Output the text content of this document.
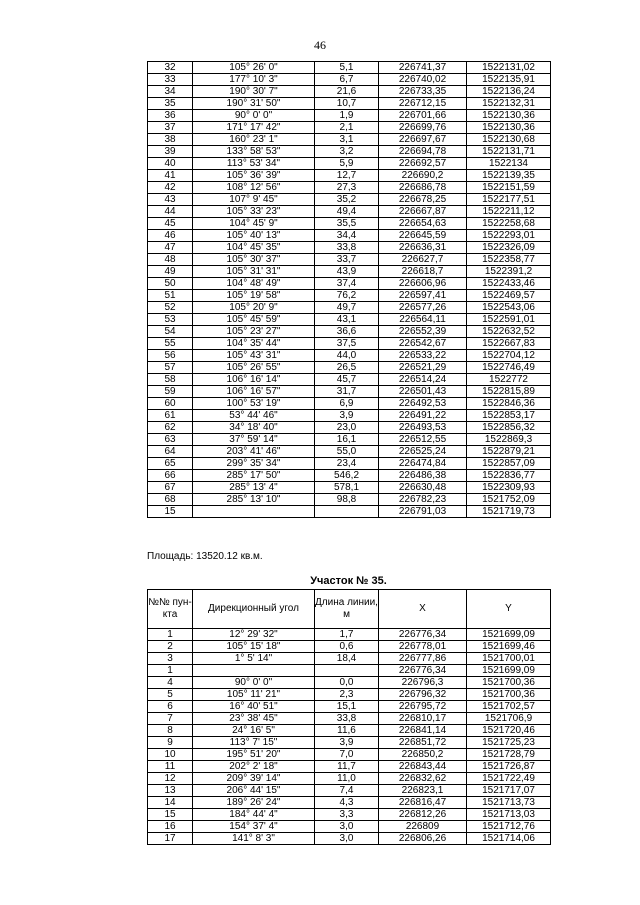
46
32	105° 26' 0"	5,1	226741,37	1522131,02
33	177° 10' 3"	6,7	226740,02	1522135,91
34	190° 30' 7"	21,6	226733,35	1522136,24
35	190° 31' 50"	10,7	226712,15	1522132,31
36	90° 0' 0"	1,9	226701,66	1522130,36
37	171° 17' 42"	2,1	226699,76	1522130,36
38	160° 23' 1"	3,1	226697,67	1522130,68
39	133° 58' 53"	3,2	226694,78	1522131,71
40	113° 53' 34"	5,9	226692,57	1522134
41	105° 36' 39"	12,7	226690,2	1522139,35
42	108° 12' 56"	27,3	226686,78	1522151,59
43	107° 9' 45"	35,2	226678,25	1522177,51
44	105° 33' 23"	49,4	226667,87	1522211,12
45	104° 45' 9"	35,5	226654,63	1522258,68
46	105° 40' 13"	34,4	226645,59	1522293,01
47	104° 45' 35"	33,8	226636,31	1522326,09
48	105° 30' 37"	33,7	226627,7	1522358,77
49	105° 31' 31"	43,9	226618,7	1522391,2
50	104° 48' 49"	37,4	226606,96	1522433,46
51	105° 19' 58"	76,2	226597,41	1522469,57
52	105° 20' 9"	49,7	226577,26	1522543,06
53	105° 45' 59"	43,1	226564,11	1522591,01
54	105° 23' 27"	36,6	226552,39	1522632,52
55	104° 35' 44"	37,5	226542,67	1522667,83
56	105° 43' 31"	44,0	226533,22	1522704,12
57	105° 26' 55"	26,5	226521,29	1522746,49
58	106° 16' 14"	45,7	226514,24	1522772
59	106° 16' 57"	31,7	226501,43	1522815,89
60	100° 53' 19"	6,9	226492,53	1522846,36
61	53° 44' 46"	3,9	226491,22	1522853,17
62	34° 18' 40"	23,0	226493,53	1522856,32
63	37° 59' 14"	16,1	226512,55	1522869,3
64	203° 41' 46"	55,0	226525,24	1522879,21
65	299° 35' 34"	23,4	226474,84	1522857,09
66	285° 17' 50"	546,2	226486,38	1522836,77
67	285° 13' 4"	578,1	226630,48	1522309,93
68	285° 13' 10"	98,8	226782,23	1521752,09
15			226791,03	1521719,73
Площадь: 13520.12 кв.м.
Участок № 35.
№№ пун-кта	Дирекционный угол	Длина линии, м	X	Y
1	12° 29' 32"	1,7	226776,34	1521699,09
2	105° 15' 18"	0,6	226778,01	1521699,46
3	1° 5' 14"	18,4	226777,86	1521700,01
1			226776,34	1521699,09
4	90° 0' 0"	0,0	226796,3	1521700,36
5	105° 11' 21"	2,3	226796,32	1521700,36
6	16° 40' 51"	15,1	226795,72	1521702,57
7	23° 38' 45"	33,8	226810,17	1521706,9
8	24° 16' 5"	11,6	226841,14	1521720,46
9	113° 7' 15"	3,9	226851,72	1521725,23
10	195° 51' 20"	7,0	226850,2	1521728,79
11	202° 2' 18"	11,7	226843,44	1521726,87
12	209° 39' 14"	11,0	226832,62	1521722,49
13	206° 44' 15"	7,4	226823,1	1521717,07
14	189° 26' 24"	4,3	226816,47	1521713,73
15	184° 44' 4"	3,3	226812,26	1521713,03
16	154° 37' 4"	3,0	226809	1521712,76
17	141° 8' 3"	3,0	226806,26	1521714,06
